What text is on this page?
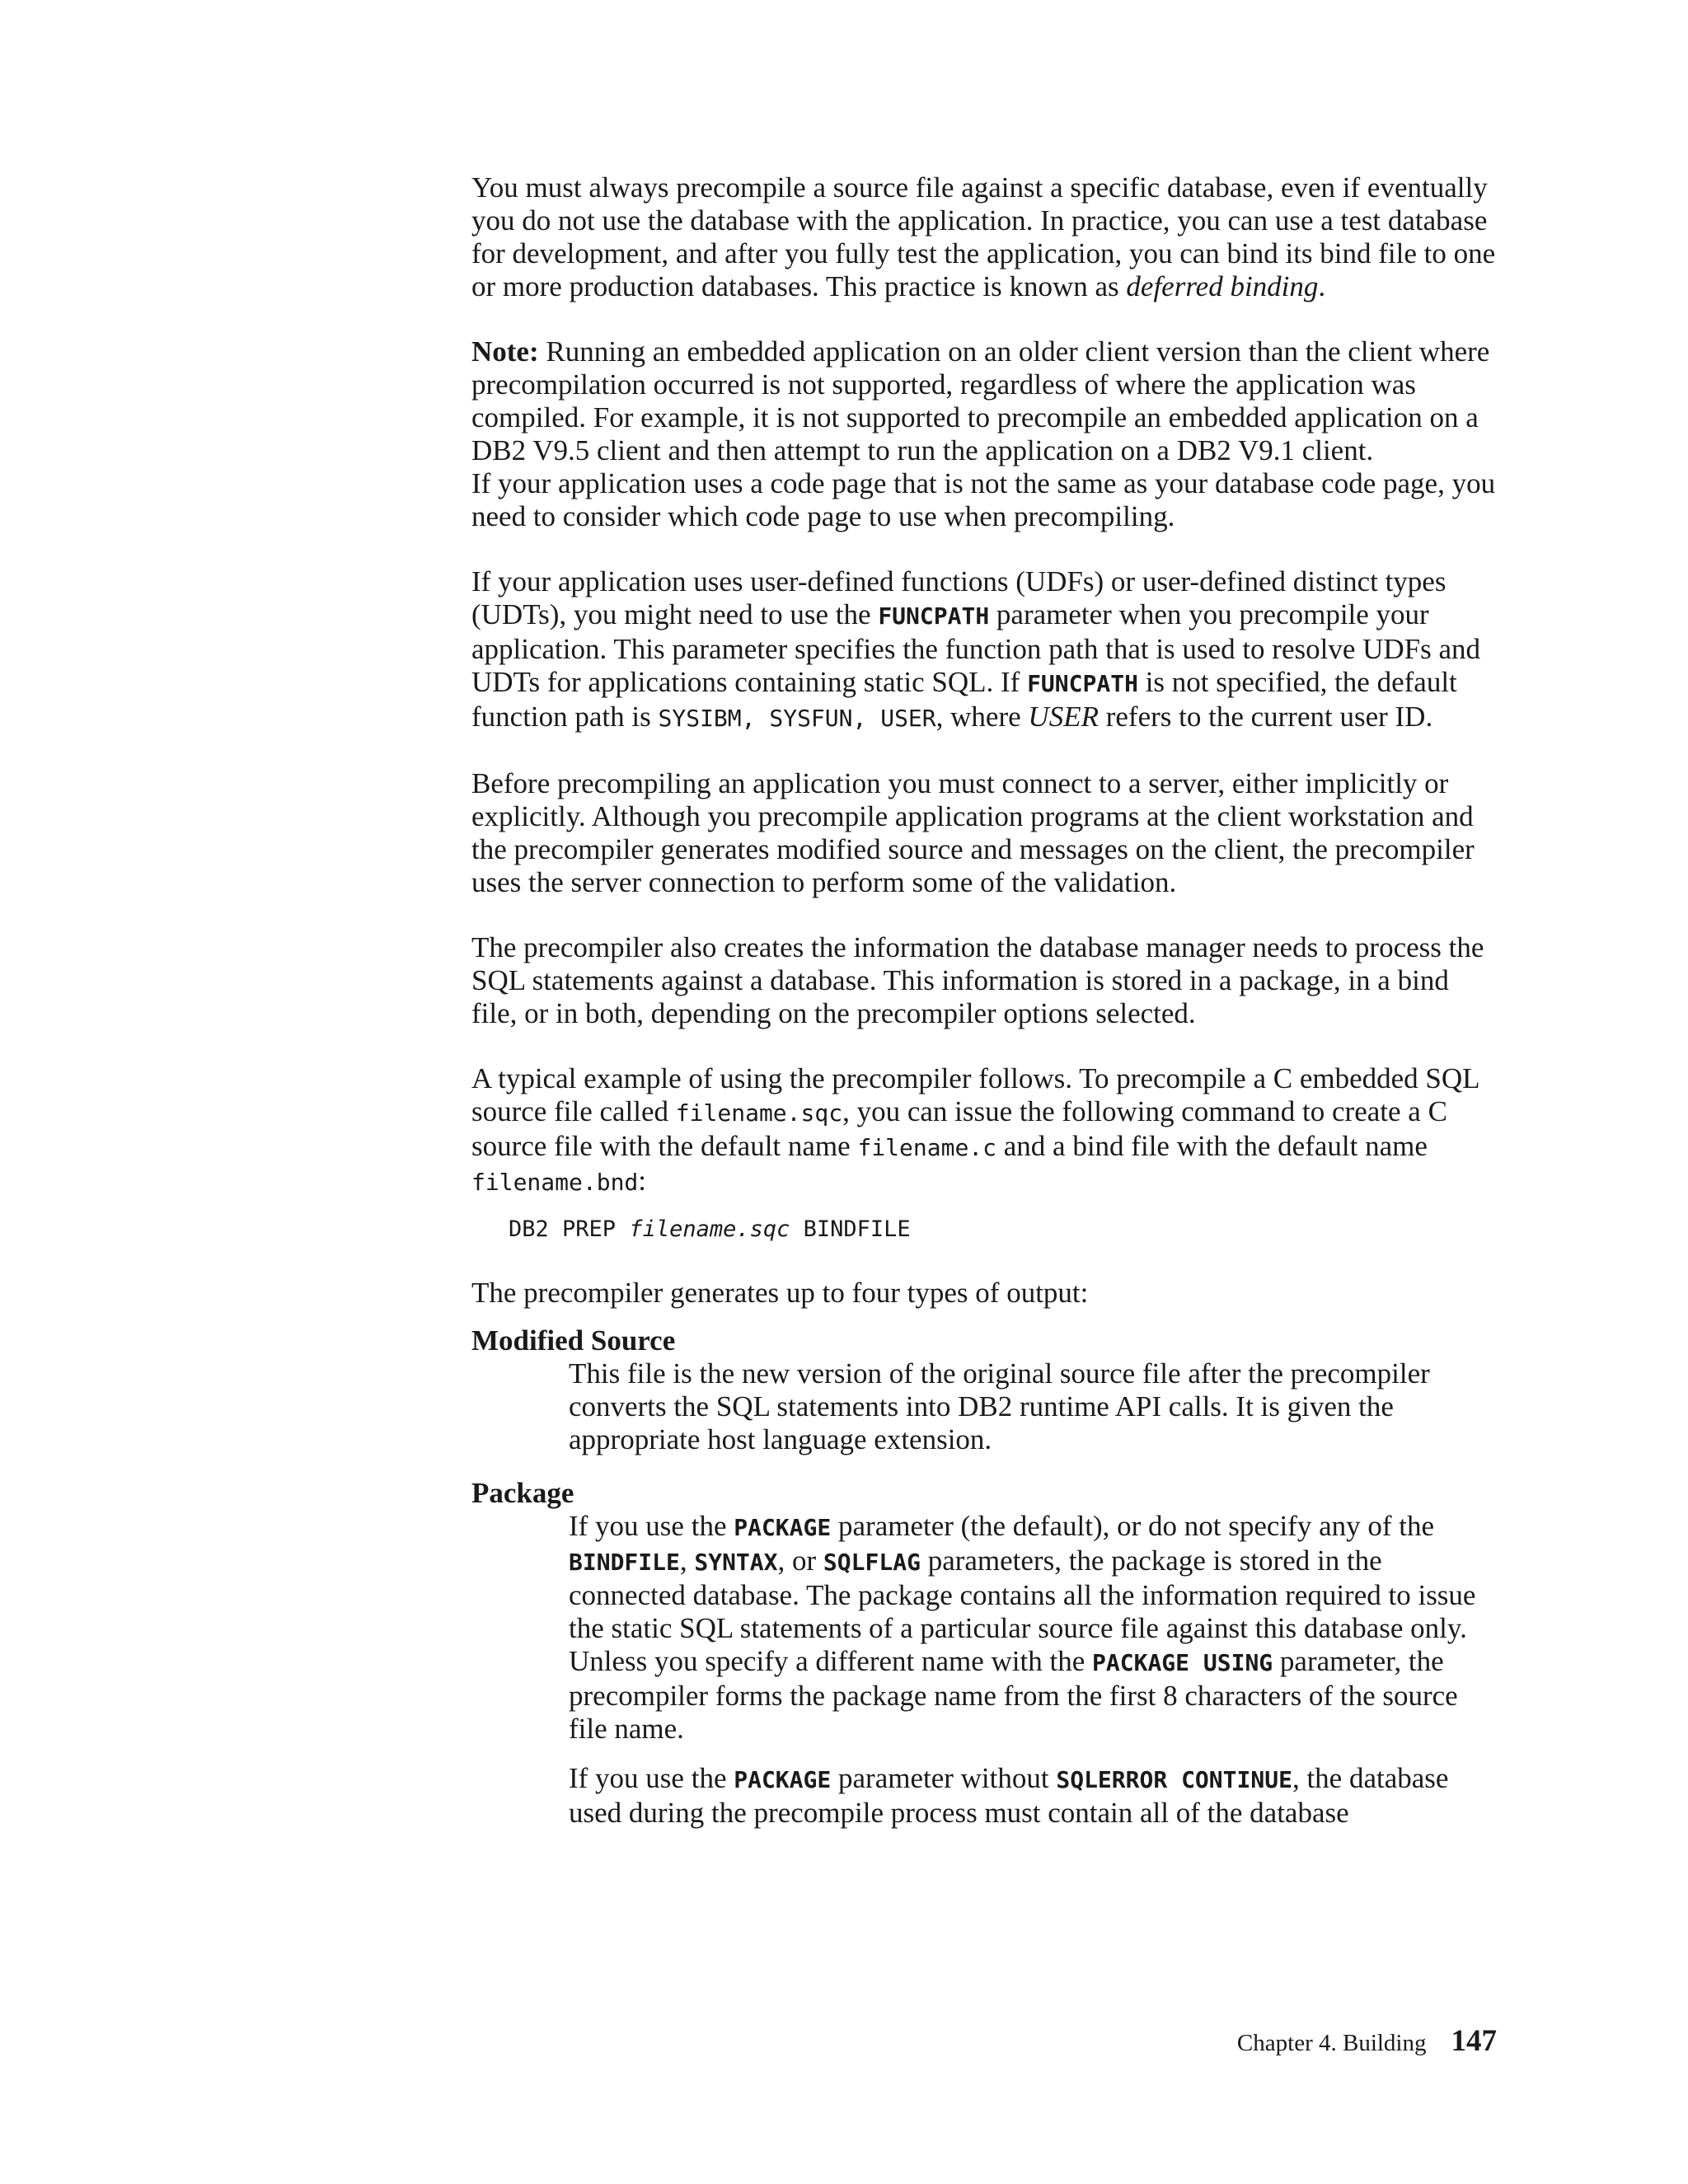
You must always precompile a source file against a specific database, even if eventually you do not use the database with the application. In practice, you can use a test database for development, and after you fully test the application, you can bind its bind file to one or more production databases. This practice is known as deferred binding.

Note: Running an embedded application on an older client version than the client where precompilation occurred is not supported, regardless of where the application was compiled. For example, it is not supported to precompile an embedded application on a DB2 V9.5 client and then attempt to run the application on a DB2 V9.1 client.

If your application uses a code page that is not the same as your database code page, you need to consider which code page to use when precompiling.

If your application uses user-defined functions (UDFs) or user-defined distinct types (UDTs), you might need to use the FUNCPATH parameter when you precompile your application. This parameter specifies the function path that is used to resolve UDFs and UDTs for applications containing static SQL. If FUNCPATH is not specified, the default function path is SYSIBM, SYSFUN, USER, where USER refers to the current user ID.

Before precompiling an application you must connect to a server, either implicitly or explicitly. Although you precompile application programs at the client workstation and the precompiler generates modified source and messages on the client, the precompiler uses the server connection to perform some of the validation.

The precompiler also creates the information the database manager needs to process the SQL statements against a database. This information is stored in a package, in a bind file, or in both, depending on the precompiler options selected.

A typical example of using the precompiler follows. To precompile a C embedded SQL source file called filename.sqc, you can issue the following command to create a C source file with the default name filename.c and a bind file with the default name filename.bnd:

DB2 PREP filename.sqc BINDFILE

The precompiler generates up to four types of output:

Modified Source
This file is the new version of the original source file after the precompiler converts the SQL statements into DB2 runtime API calls. It is given the appropriate host language extension.
Package
If you use the PACKAGE parameter (the default), or do not specify any of the BINDFILE, SYNTAX, or SQLFLAG parameters, the package is stored in the connected database. The package contains all the information required to issue the static SQL statements of a particular source file against this database only. Unless you specify a different name with the PACKAGE USING parameter, the precompiler forms the package name from the first 8 characters of the source file name.
If you use the PACKAGE parameter without SQLERROR CONTINUE, the database used during the precompile process must contain all of the database
Chapter 4. Building 147
